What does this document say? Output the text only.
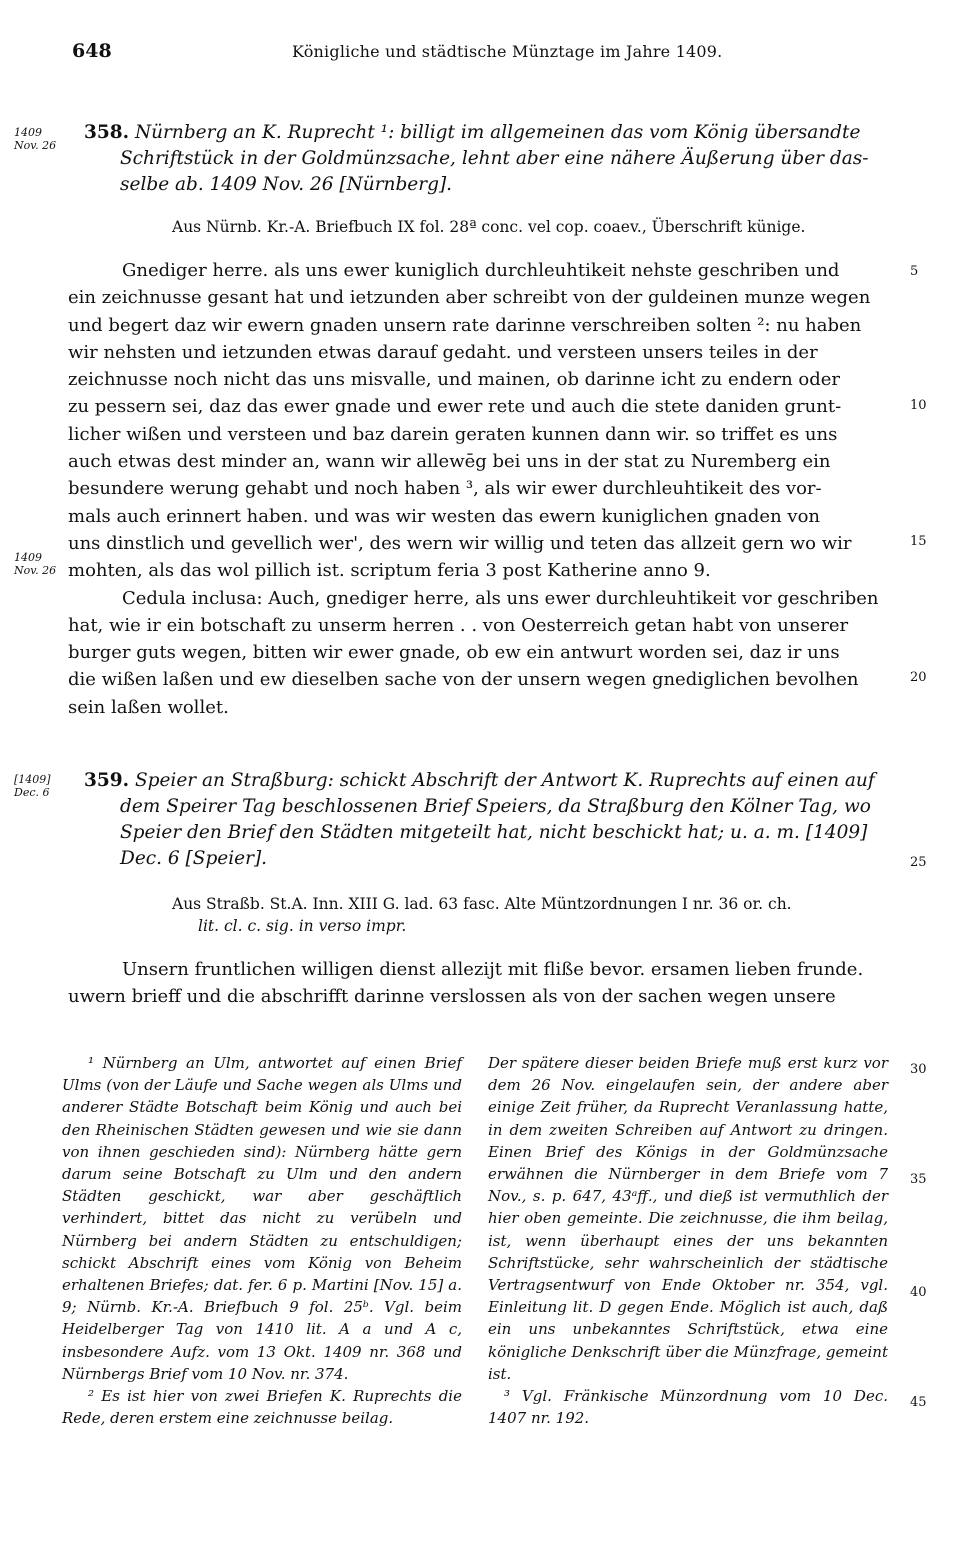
648	Königliche und städtische Münztage im Jahre 1409.
1409
Nov. 26
1409
Nov. 26
[1409]
Dec. 6
5
10
15
20
25
30
35
40
45
358. Nürnberg an K. Ruprecht ¹: billigt im allgemeinen das vom König übersandte
Schriftstück in der Goldmünzsache, lehnt aber eine nähere Äußerung über das-
selbe ab. 1409 Nov. 26 [Nürnberg].
Aus Nürnb. Kr.-A. Briefbuch IX fol. 28ª conc. vel cop. coaev., Überschrift künige.

Gnediger herre. als uns ewer kuniglich durchleuhtikeit nehste geschriben und

ein zeichnusse gesant hat und ietzunden aber schreibt von der guldeinen munze wegen

und begert daz wir ewern gnaden unsern rate darinne verschreiben solten ²: nu haben

wir nehsten und ietzunden etwas darauf gedaht. und versteen unsers teiles in der

zeichnusse noch nicht das uns misvalle, und mainen, ob darinne icht zu endern oder

zu pessern sei, daz das ewer gnade und ewer rete und auch die stete daniden grunt-

licher wißen und versteen und baz darein geraten kunnen dann wir. so triffet es uns

auch etwas dest minder an, wann wir allewēg bei uns in der stat zu Nuremberg ein

besundere werung gehabt und noch haben ³, als wir ewer durchleuhtikeit des vor-

mals auch erinnert haben. und was wir westen das ewern kuniglichen gnaden von

uns dinstlich und gevellich wer', des wern wir willig und teten das allzeit gern wo wir

mohten, als das wol pillich ist. scriptum feria 3 post Katherine anno 9.

Cedula inclusa: Auch, gnediger herre, als uns ewer durchleuhtikeit vor geschriben

hat, wie ir ein botschaft zu unserm herren . . von Oesterreich getan habt von unserer

burger guts wegen, bitten wir ewer gnade, ob ew ein antwurt worden sei, daz ir uns

die wißen laßen und ew dieselben sache von der unsern wegen gnediglichen bevolhen

sein laßen wollet.

359. Speier an Straßburg: schickt Abschrift der Antwort K. Ruprechts auf einen auf
dem Speirer Tag beschlossenen Brief Speiers, da Straßburg den Kölner Tag, wo
Speier den Brief den Städten mitgeteilt hat, nicht beschickt hat; u. a. m. [1409]
Dec. 6 [Speier].
Aus Straßb. St.A. Inn. XIII G. lad. 63 fasc. Alte Müntzordnungen I nr. 36 or. ch.
lit. cl. c. sig. in verso impr.

Unsern fruntlichen willigen dienst allezijt mit fliße bevor. ersamen lieben frunde.

uwern brieff und die abschrifft darinne verslossen als von der sachen wegen unsere

¹ Nürnberg an Ulm, antwortet auf einen Brief Ulms (von der Läufe und Sache wegen als Ulms und anderer Städte Botschaft beim König und auch bei den Rheinischen Städten gewesen und wie sie dann von ihnen geschieden sind): Nürnberg hätte gern darum seine Botschaft zu Ulm und den andern Städten geschickt, war aber geschäftlich verhindert, bittet das nicht zu verübeln und Nürnberg bei andern Städten zu entschuldigen; schickt Abschrift eines vom König von Beheim erhaltenen Briefes; dat. fer. 6 p. Martini [Nov. 15] a. 9; Nürnb. Kr.-A. Briefbuch 9 fol. 25ᵇ. Vgl. beim Heidelberger Tag von 1410 lit. A a und A c, insbesondere Aufz. vom 13 Okt. 1409 nr. 368 und Nürnbergs Brief vom 10 Nov. nr. 374.

² Es ist hier von zwei Briefen K. Ruprechts die Rede, deren erstem eine zeichnusse beilag.

Der spätere dieser beiden Briefe muß erst kurz vor dem 26 Nov. eingelaufen sein, der andere aber einige Zeit früher, da Ruprecht Veranlassung hatte, in dem zweiten Schreiben auf Antwort zu dringen. Einen Brief des Königs in der Goldmünzsache erwähnen die Nürnberger in dem Briefe vom 7 Nov., s. p. 647, 43ᵃff., und dieß ist vermuthlich der hier oben gemeinte. Die zeichnusse, die ihm beilag, ist, wenn überhaupt eines der uns bekannten Schriftstücke, sehr wahrscheinlich der städtische Vertragsentwurf von Ende Oktober nr. 354, vgl. Einleitung lit. D gegen Ende. Möglich ist auch, daß ein uns unbekanntes Schriftstück, etwa eine königliche Denkschrift über die Münzfrage, gemeint ist.

³ Vgl. Fränkische Münzordnung vom 10 Dec. 1407 nr. 192.
